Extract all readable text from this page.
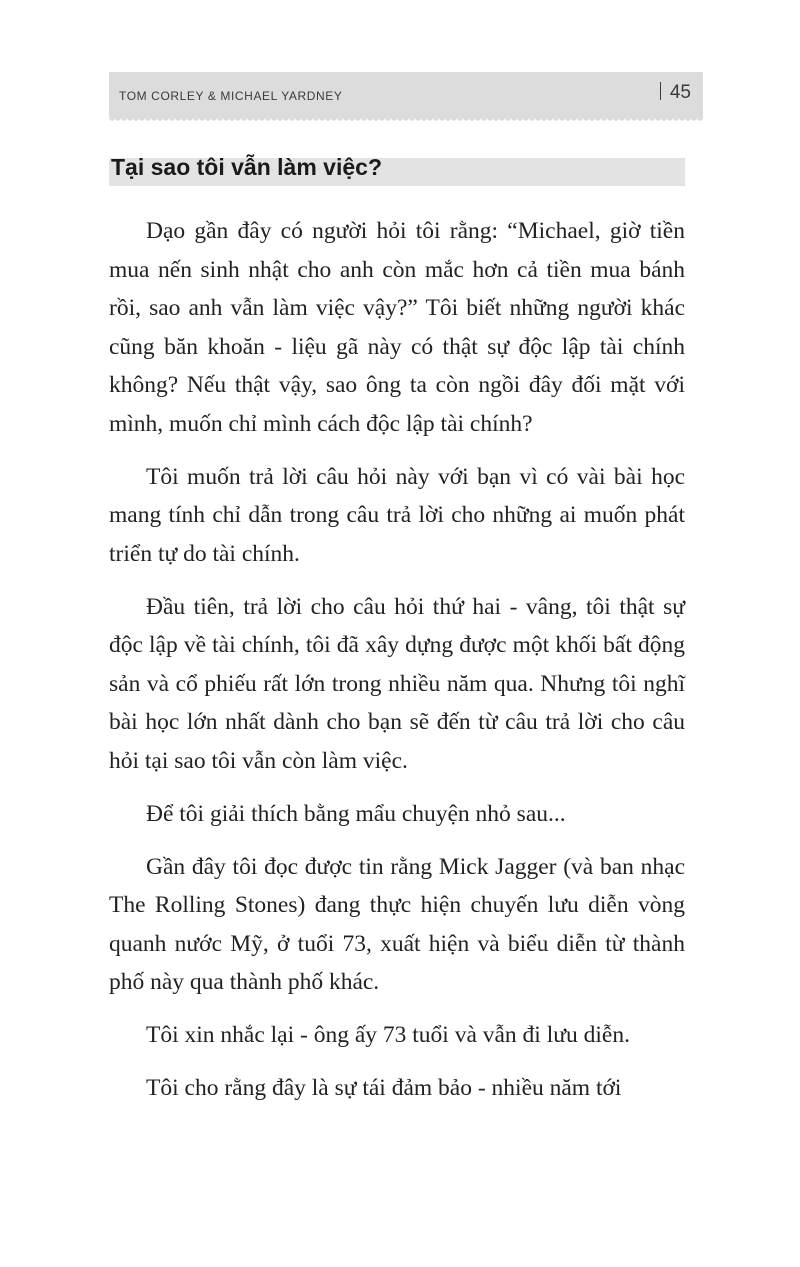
TOM CORLEY & MICHAEL YARDNEY	45
Tại sao tôi vẫn làm việc?

Dạo gần đây có người hỏi tôi rằng: “Michael, giờ tiền mua nến sinh nhật cho anh còn mắc hơn cả tiền mua bánh rồi, sao anh vẫn làm việc vậy?” Tôi biết những người khác cũng băn khoăn - liệu gã này có thật sự độc lập tài chính không? Nếu thật vậy, sao ông ta còn ngồi đây đối mặt với mình, muốn chỉ mình cách độc lập tài chính?

Tôi muốn trả lời câu hỏi này với bạn vì có vài bài học mang tính chỉ dẫn trong câu trả lời cho những ai muốn phát triển tự do tài chính.

Đầu tiên, trả lời cho câu hỏi thứ hai - vâng, tôi thật sự độc lập về tài chính, tôi đã xây dựng được một khối bất động sản và cổ phiếu rất lớn trong nhiều năm qua. Nhưng tôi nghĩ bài học lớn nhất dành cho bạn sẽ đến từ câu trả lời cho câu hỏi tại sao tôi vẫn còn làm việc.

Để tôi giải thích bằng mẩu chuyện nhỏ sau...

Gần đây tôi đọc được tin rằng Mick Jagger (và ban nhạc The Rolling Stones) đang thực hiện chuyến lưu diễn vòng quanh nước Mỹ, ở tuổi 73, xuất hiện và biểu diễn từ thành phố này qua thành phố khác.

Tôi xin nhắc lại - ông ấy 73 tuổi và vẫn đi lưu diễn.

Tôi cho rằng đây là sự tái đảm bảo - nhiều năm tới
